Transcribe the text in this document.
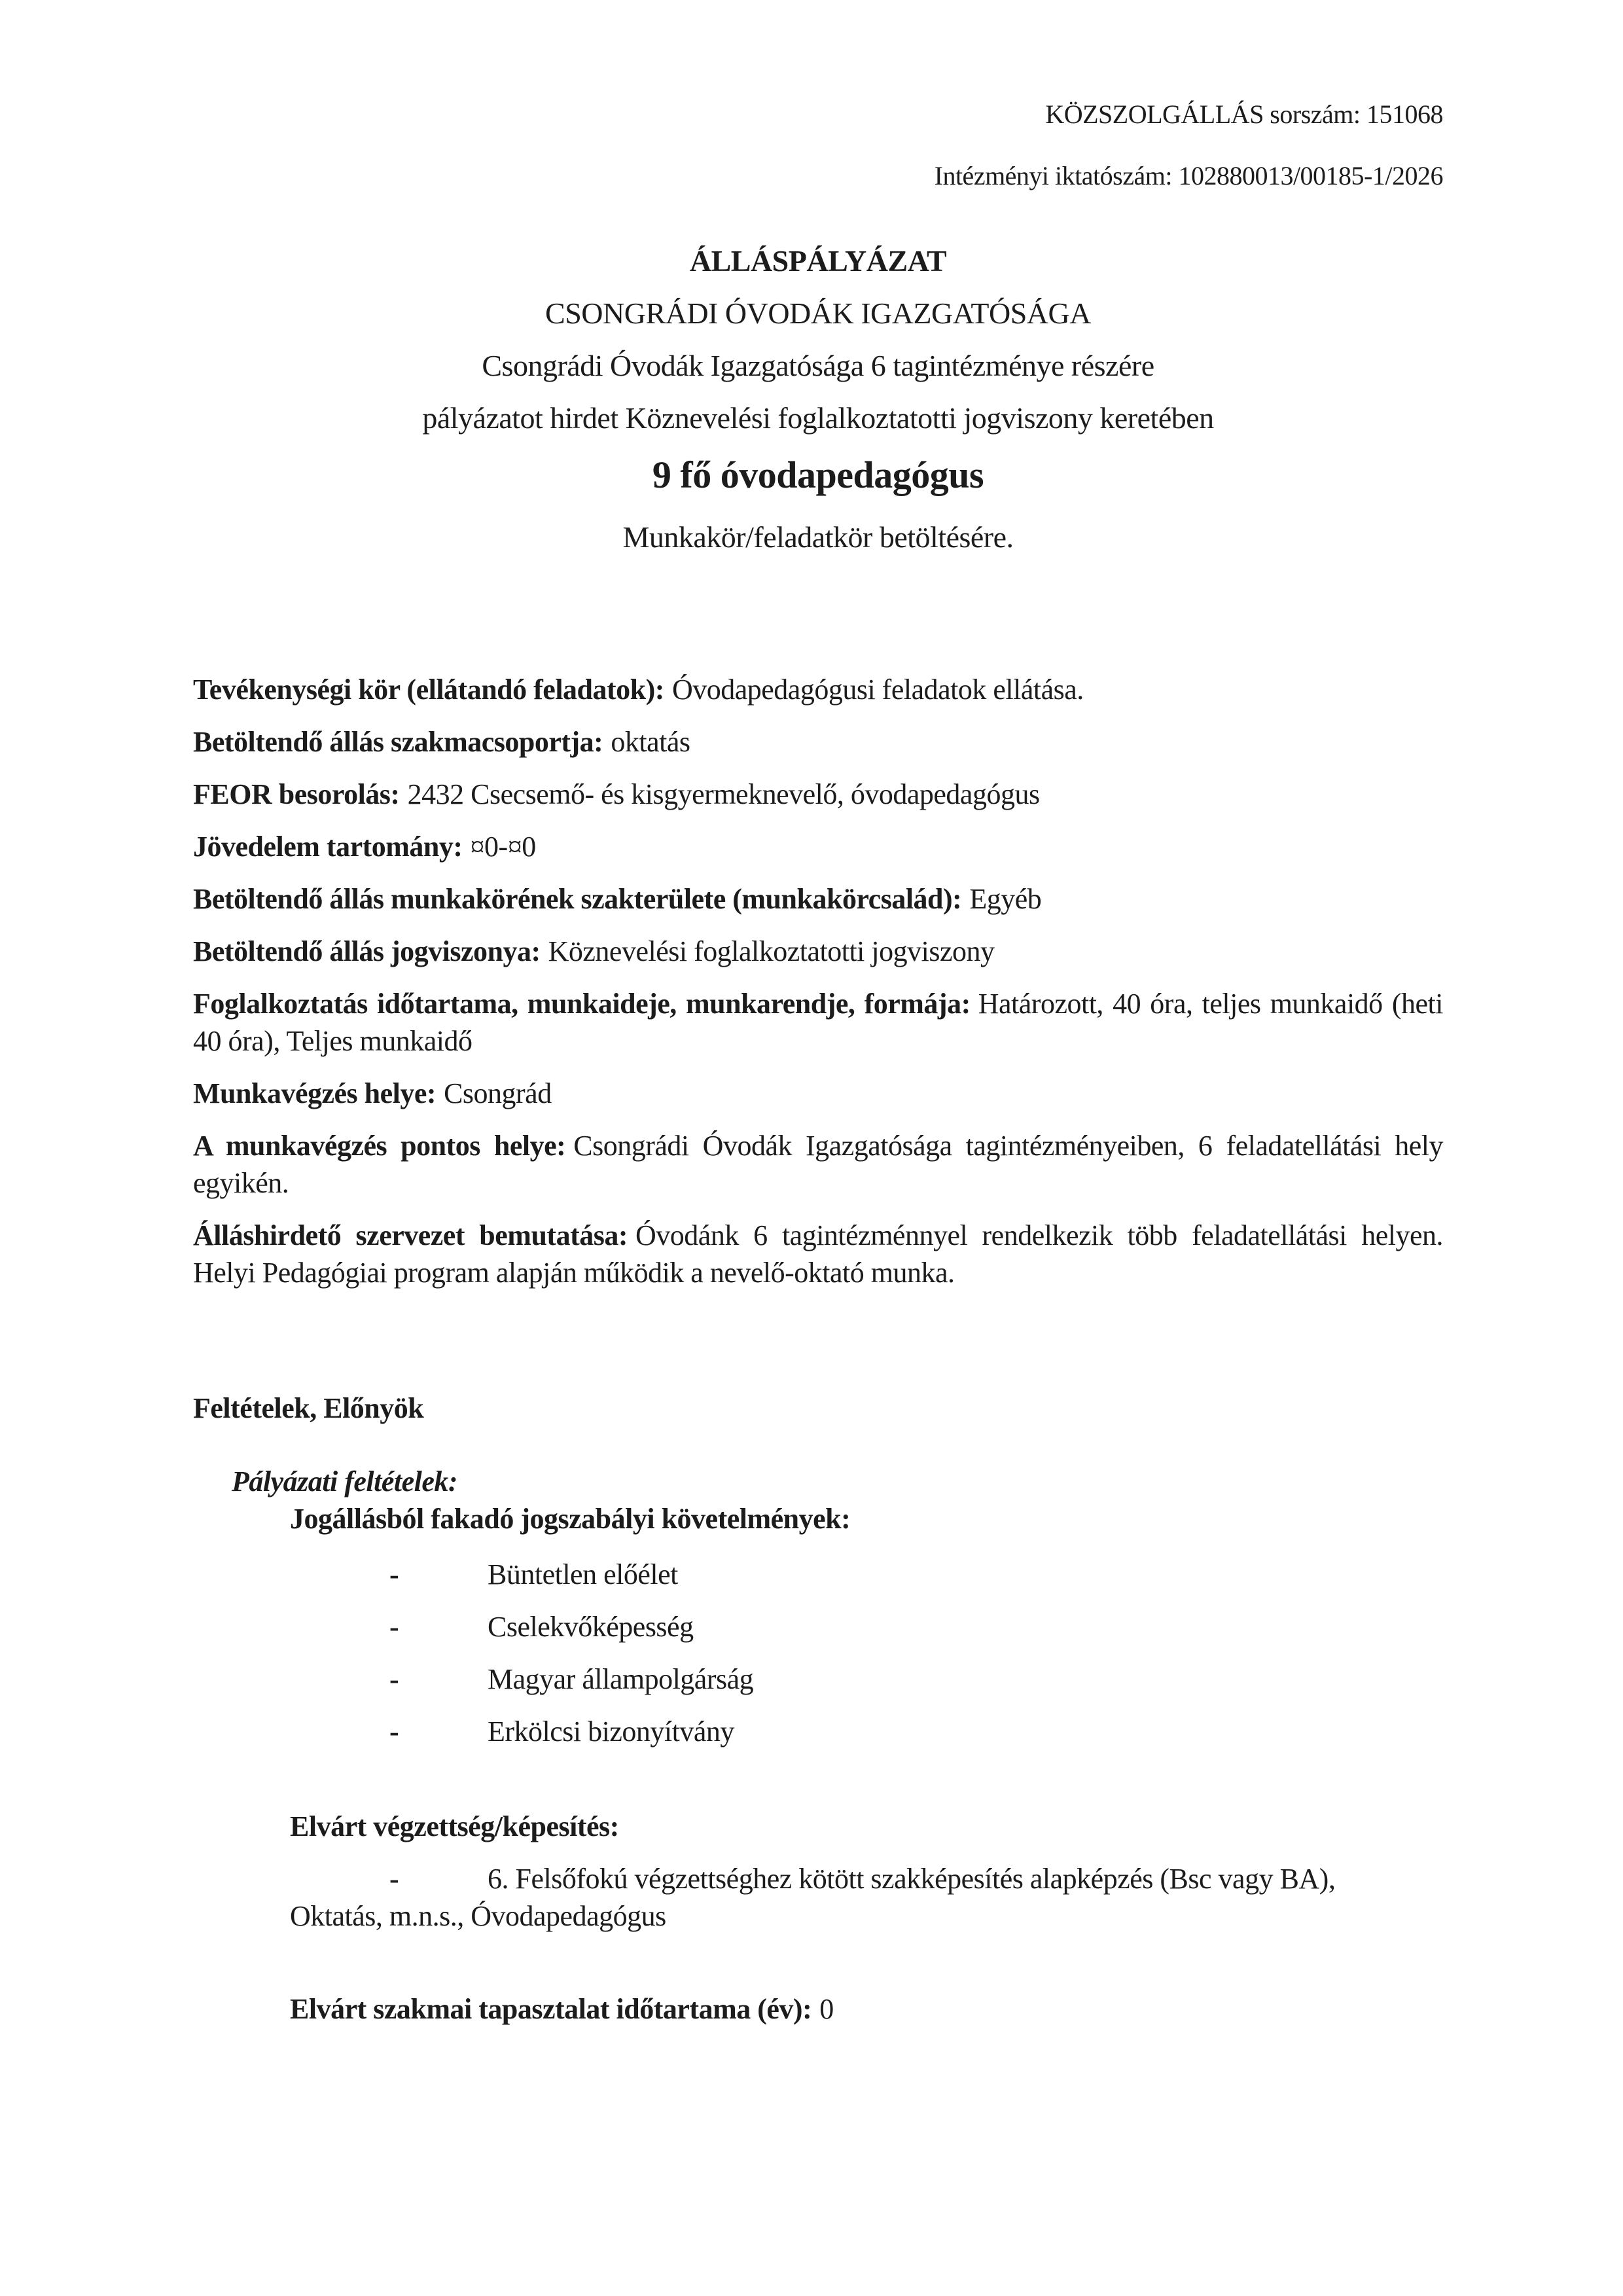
KÖZSZOLGÁLLÁS sorszám: 151068
Intézményi iktatószám: 102880013/00185-1/2026
ÁLLÁSPÁLYÁZAT
CSONGRÁDI ÓVODÁK IGAZGATÓSÁGA
Csongrádi Óvodák Igazgatósága 6 tagintézménye részére
pályázatot hirdet Köznevelési foglalkoztatotti jogviszony keretében
9 fő óvodapedagógus
Munkakör/feladatkör betöltésére.

Tevékenységi kör (ellátandó feladatok): Óvodapedagógusi feladatok ellátása.

Betöltendő állás szakmacsoportja: oktatás

FEOR besorolás: 2432 Csecsemő- és kisgyermeknevelő, óvodapedagógus

Jövedelem tartomány: ¤0-¤0

Betöltendő állás munkakörének szakterülete (munkakörcsalád): Egyéb

Betöltendő állás jogviszonya: Köznevelési foglalkoztatotti jogviszony

Foglalkoztatás időtartama, munkaideje, munkarendje, formája: Határozott, 40 óra, teljes munkaidő (heti 40 óra), Teljes munkaidő

Munkavégzés helye: Csongrád

A munkavégzés pontos helye: Csongrádi Óvodák Igazgatósága tagintézményeiben, 6 feladatellátási hely egyikén.

Álláshirdető szervezet bemutatása: Óvodánk 6 tagintézménnyel rendelkezik több feladatellátási helyen. Helyi Pedagógiai program alapján működik a nevelő-oktató munka.

Feltételek, Előnyök
Pályázati feltételek:
Jogállásból fakadó jogszabályi követelmények:
-	Büntetlen előélet
-	Cselekvőképesség
-	Magyar állampolgárság
-	Erkölcsi bizonyítvány
Elvárt végzettség/képesítés:
-	6. Felsőfokú végzettséghez kötött szakképesítés alapképzés (Bsc vagy BA),
Oktatás, m.n.s., Óvodapedagógus

Elvárt szakmai tapasztalat időtartama (év): 0
